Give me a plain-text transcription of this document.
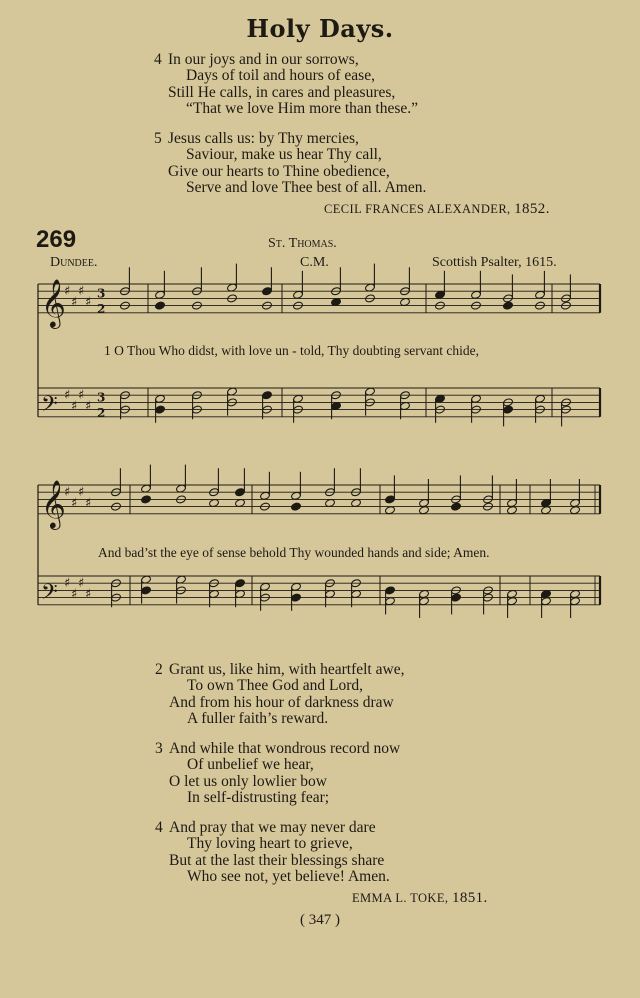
Holy Days.
4 In our joys and in our sorrows,
Days of toil and hours of ease,
Still He calls, in cares and pleasures,
“That we love Him more than these.”
5 Jesus calls us: by Thy mercies,
Saviour, make us hear Thy call,
Give our hearts to Thine obedience,
Serve and love Thee best of all. Amen.
CECIL FRANCES ALEXANDER, 1852.
269	St. Thomas.
Dundee.	C.M.	Scottish Psalter, 1615.
𝄞
♯
♯
♯
♯
3
2
𝄢 ♯
♯
♯
♯
3
2
𝄞
♯
♯
♯
♯
𝄢 ♯
♯
♯
♯
1 O Thou Who didst, with love un - told, Thy doubting servant chide,
And bad’st the eye of sense behold Thy wounded hands and side; Amen.
2 Grant us, like him, with heartfelt awe,
To own Thee God and Lord,
And from his hour of darkness draw
A fuller faith’s reward.
3 And while that wondrous record now
Of unbelief we hear,
O let us only lowlier bow
In self-distrusting fear;
4 And pray that we may never dare
Thy loving heart to grieve,
But at the last their blessings share
Who see not, yet believe! Amen.
EMMA L. TOKE, 1851.
( 347 )
